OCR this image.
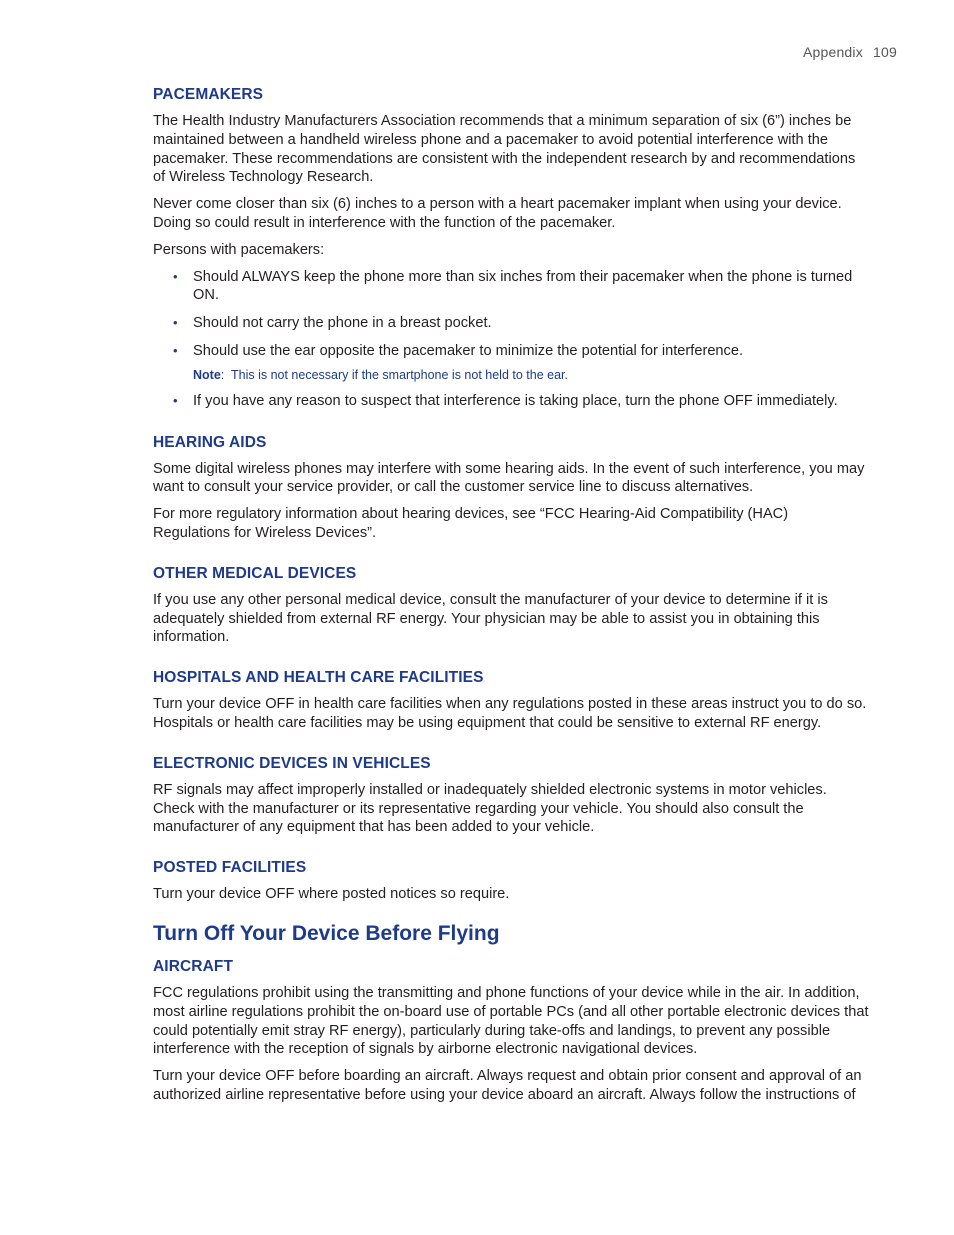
Appendix 109
PACEMAKERS

The Health Industry Manufacturers Association recommends that a minimum separation of six (6”) inches be maintained between a handheld wireless phone and a pacemaker to avoid potential interference with the pacemaker. These recommendations are consistent with the independent research by and recommendations of Wireless Technology Research.

Never come closer than six (6) inches to a person with a heart pacemaker implant when using your device. Doing so could result in interference with the function of the pacemaker.

Persons with pacemakers:

• Should ALWAYS keep the phone more than six inches from their pacemaker when the phone is turned ON.
• Should not carry the phone in a breast pocket.
• Should use the ear opposite the pacemaker to minimize the potential for interference.
Note:  This is not necessary if the smartphone is not held to the ear.
• If you have any reason to suspect that interference is taking place, turn the phone OFF immediately.
HEARING AIDS

Some digital wireless phones may interfere with some hearing aids. In the event of such interference, you may want to consult your service provider, or call the customer service line to discuss alternatives.

For more regulatory information about hearing devices, see “FCC Hearing-Aid Compatibility (HAC) Regulations for Wireless Devices”.

OTHER MEDICAL DEVICES

If you use any other personal medical device, consult the manufacturer of your device to determine if it is adequately shielded from external RF energy. Your physician may be able to assist you in obtaining this information.

HOSPITALS AND HEALTH CARE FACILITIES

Turn your device OFF in health care facilities when any regulations posted in these areas instruct you to do so. Hospitals or health care facilities may be using equipment that could be sensitive to external RF energy.

ELECTRONIC DEVICES IN VEHICLES

RF signals may affect improperly installed or inadequately shielded electronic systems in motor vehicles. Check with the manufacturer or its representative regarding your vehicle. You should also consult the manufacturer of any equipment that has been added to your vehicle.

POSTED FACILITIES

Turn your device OFF where posted notices so require.

Turn Off Your Device Before Flying
AIRCRAFT

FCC regulations prohibit using the transmitting and phone functions of your device while in the air. In addition, most airline regulations prohibit the on-board use of portable PCs (and all other portable electronic devices that could potentially emit stray RF energy), particularly during take-offs and landings, to prevent any possible interference with the reception of signals by airborne electronic navigational devices.

Turn your device OFF before boarding an aircraft. Always request and obtain prior consent and approval of an authorized airline representative before using your device aboard an aircraft. Always follow the instructions of
